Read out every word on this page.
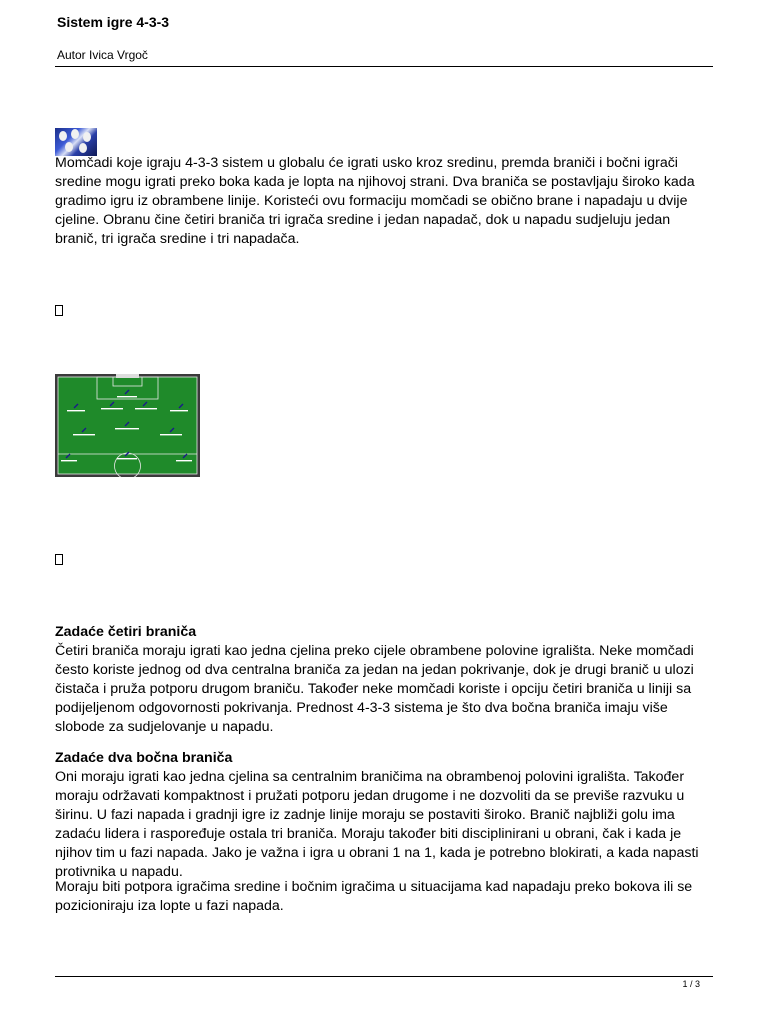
Sistem igre 4-3-3
Autor Ivica Vrgoč

Momčadi koje igraju 4-3-3 sistem u globalu će igrati usko kroz sredinu, premda braniči i bočni igrači sredine mogu igrati preko boka kada je lopta na njihovoj strani. Dva braniča se postavljaju široko kada gradimo igru iz obrambene linije. Koristeći ovu formaciju momčadi se obično brane i napadaju u dvije cjeline. Obranu čine četiri braniča tri igrača sredine i jedan napadač, dok u napadu sudjeluju jedan branič, tri igrača sredine i tri napadača.

Zadaće četiri braniča

Četiri braniča moraju igrati kao jedna cjelina preko cijele obrambene polovine igrališta. Neke momčadi često koriste jednog od dva centralna braniča za jedan na jedan pokrivanje, dok je drugi branič u ulozi čistača i pruža potporu drugom braniču. Također neke momčadi koriste i opciju četiri braniča u liniji sa podijeljenom odgovornosti pokrivanja. Prednost 4-3-3 sistema je što dva bočna braniča imaju više slobode za sudjelovanje u napadu.

Zadaće dva bočna braniča

Oni moraju igrati kao jedna cjelina sa centralnim braničima na obrambenoj polovini igrališta. Također moraju održavati kompaktnost i pružati potporu jedan drugome i ne dozvoliti da se previše razvuku u širinu. U fazi napada i gradnji igre iz zadnje linije moraju se postaviti široko. Branič najbliži golu ima zadaću lidera i raspoređuje ostala tri braniča. Moraju također biti disciplinirani u obrani, čak i kada je njihov tim u fazi napada. Jako je važna i igra u obrani 1 na 1, kada je potrebno blokirati, a kada napasti protivnika u napadu.

Moraju biti potpora igračima sredine i bočnim igračima u situacijama kad napadaju preko bokova ili se pozicioniraju iza lopte u fazi napada.

1 / 3
